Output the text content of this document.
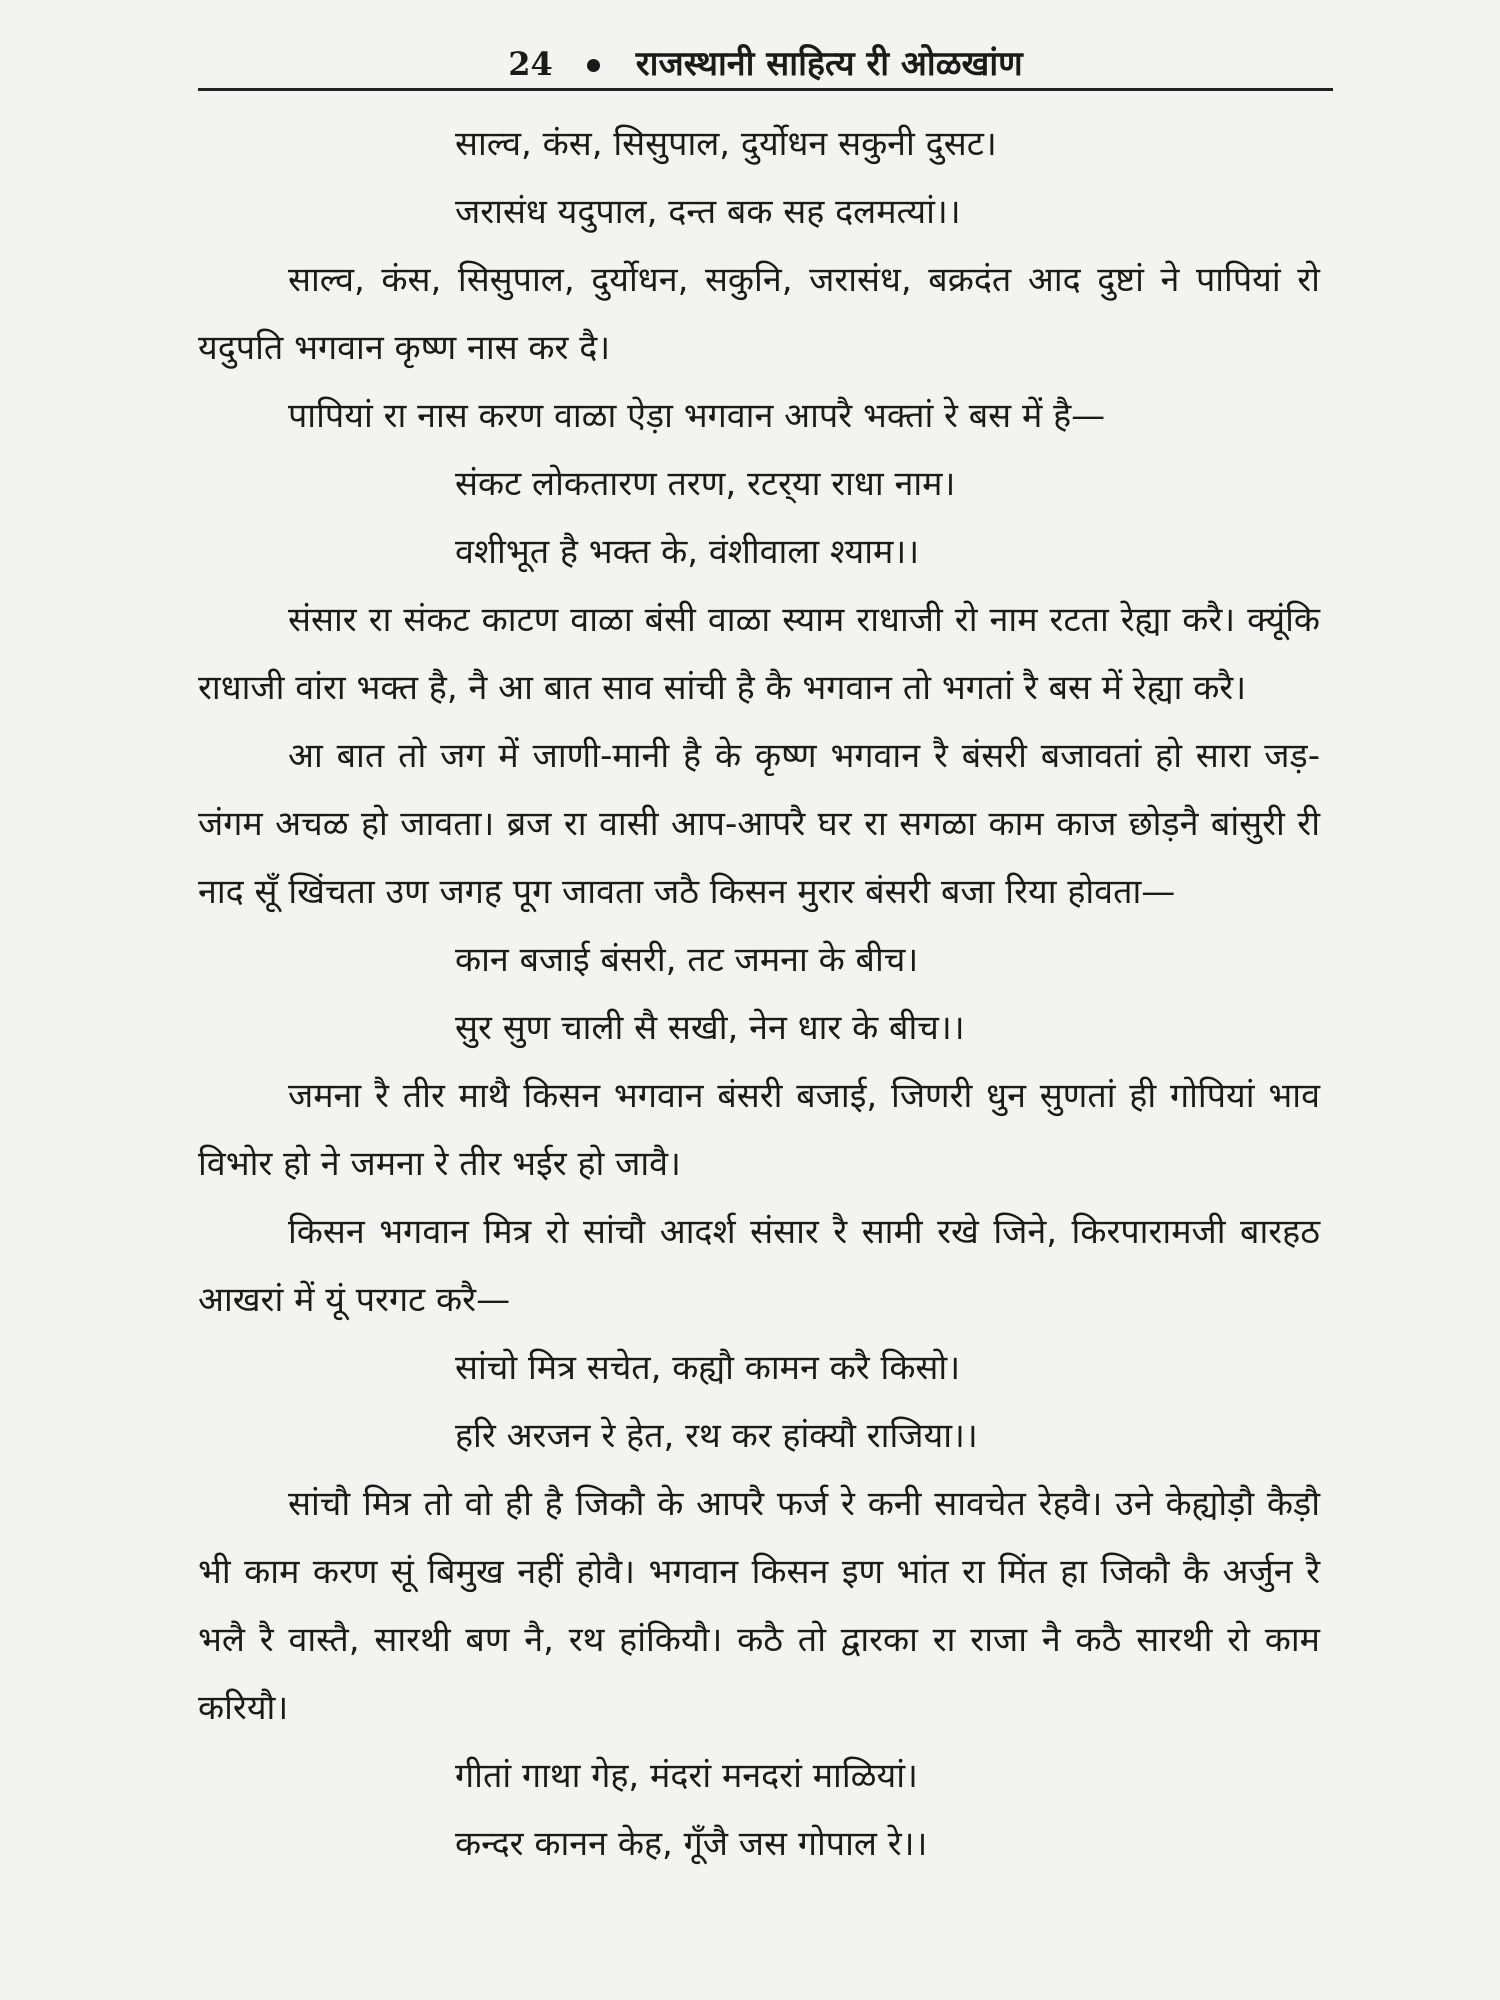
24 राजस्थानी साहित्य री ओळखांण

साल्व, कंस, सिसुपाल, दुर्योधन सकुनी दुसट।

जरासंध यदुपाल, दन्त बक सह दलमत्यां।।

साल्व, कंस, सिसुपाल, दुर्योधन, सकुनि, जरासंध, बक्रदंत आद दुष्टां ने पापियां रो यदुपति भगवान कृष्ण नास कर दै।

पापियां रा नास करण वाळा ऐड़ा भगवान आपरै भक्तां रे बस में है—

संकट लोकतारण तरण, रटर्‌या राधा नाम।

वशीभूत है भक्त के, वंशीवाला श्याम।।

संसार रा संकट काटण वाळा बंसी वाळा स्याम राधाजी रो नाम रटता रेह्या करै। क्यूंकि राधाजी वांरा भक्त है, नै आ बात साव सांची है कै भगवान तो भगतां रै बस में रेह्या करै।

आ बात तो जग में जाणी-मानी है के कृष्ण भगवान रै बंसरी बजावतां हो सारा जड़-जंगम अचळ हो जावता। ब्रज रा वासी आप-आपरै घर रा सगळा काम काज छोड़नै बांसुरी री नाद सूँ खिंचता उण जगह पूग जावता जठै किसन मुरार बंसरी बजा रिया होवता—

कान बजाई बंसरी, तट जमना के बीच।

सुर सुण चाली सै सखी, नेन धार के बीच।।

जमना रै तीर माथै किसन भगवान बंसरी बजाई, जिणरी धुन सुणतां ही गोपियां भाव विभोर हो ने जमना रे तीर भईर हो जावै।

किसन भगवान मित्र रो सांचौ आदर्श संसार रै सामी रखे जिने, किरपारामजी बारहठ आखरां में यूं परगट करै—

सांचो मित्र सचेत, कह्यौ कामन करै किसो।

हरि अरजन रे हेत, रथ कर हांक्यौ राजिया।।

सांचौ मित्र तो वो ही है जिकौ के आपरै फर्ज रे कनी सावचेत रेहवै। उने केह्योड़ौ कैड़ौ भी काम करण सूं बिमुख नहीं होवै। भगवान किसन इण भांत रा मिंत हा जिकौ कै अर्जुन रै भलै रै वास्तै, सारथी बण नै, रथ हांकियौ। कठै तो द्वारका रा राजा नै कठै सारथी रो काम करियौ।

गीतां गाथा गेह, मंदरां मनदरां माळियां।

कन्दर कानन केह, गूँजै जस गोपाल रे।।
